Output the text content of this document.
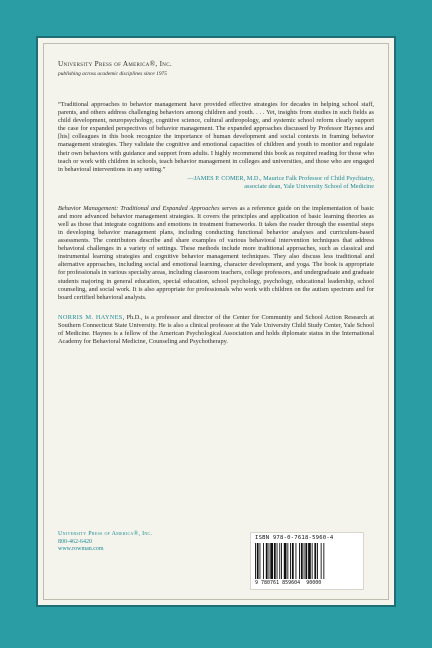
University Press of America®, Inc.
publishing across academic disciplines since 1975
“Traditional approaches to behavior management have provided effective strategies for decades in helping school staff, parents, and others address challenging behaviors among children and youth. . . . Yet, insights from studies in such fields as child development, neuropsychology, cognitive science, cultural anthropology, and systemic school reform clearly support the case for expanded perspectives of behavior management. The expanded approaches discussed by Professor Haynes and [his] colleagues in this book recognize the importance of human development and social contexts in framing behavior management strategies. They validate the cognitive and emotional capacities of children and youth to monitor and regulate their own behaviors with guidance and support from adults. I highly recommend this book as required reading for those who teach or work with children in schools, teach behavior management in colleges and universities, and those who are engaged in behavioral interventions in any setting.”
—JAMES P. COMER, M.D., Maurice Falk Professor of Child Psychiatry,
associate dean, Yale University School of Medicine
Behavior Management: Traditional and Expanded Approaches serves as a reference guide on the implementation of basic and more advanced behavior management strategies. It covers the principles and application of basic learning theories as well as those that integrate cognitions and emotions in treatment frameworks. It takes the reader through the essential steps in developing behavior management plans, including conducting functional behavior analyses and curriculum-based assessments. The contributors describe and share examples of various behavioral intervention techniques that address behavioral challenges in a variety of settings. These methods include more traditional approaches, such as classical and instrumental learning strategies and cognitive behavior management techniques. They also discuss less traditional and alternative approaches, including social and emotional learning, character development, and yoga. The book is appropriate for professionals in various specialty areas, including classroom teachers, college professors, and undergraduate and graduate students majoring in general education, special education, school psychology, psychology, educational leadership, school counseling, and social work. It is also appropriate for professionals who work with children on the autism spectrum and for board certified behavioral analysts.
NORRIS M. HAYNES, Ph.D., is a professor and director of the Center for Community and School Action Research at Southern Connecticut State University. He is also a clinical professor at the Yale University Child Study Center, Yale School of Medicine. Haynes is a fellow of the American Psychological Association and holds diplomate status in the International Academy for Behavioral Medicine, Counseling and Psychotherapy.
University Press of America®, Inc.
800-462-6420
www.rowman.com
ISBN 978-0-7618-5960-4
9 780761 859604 90000
